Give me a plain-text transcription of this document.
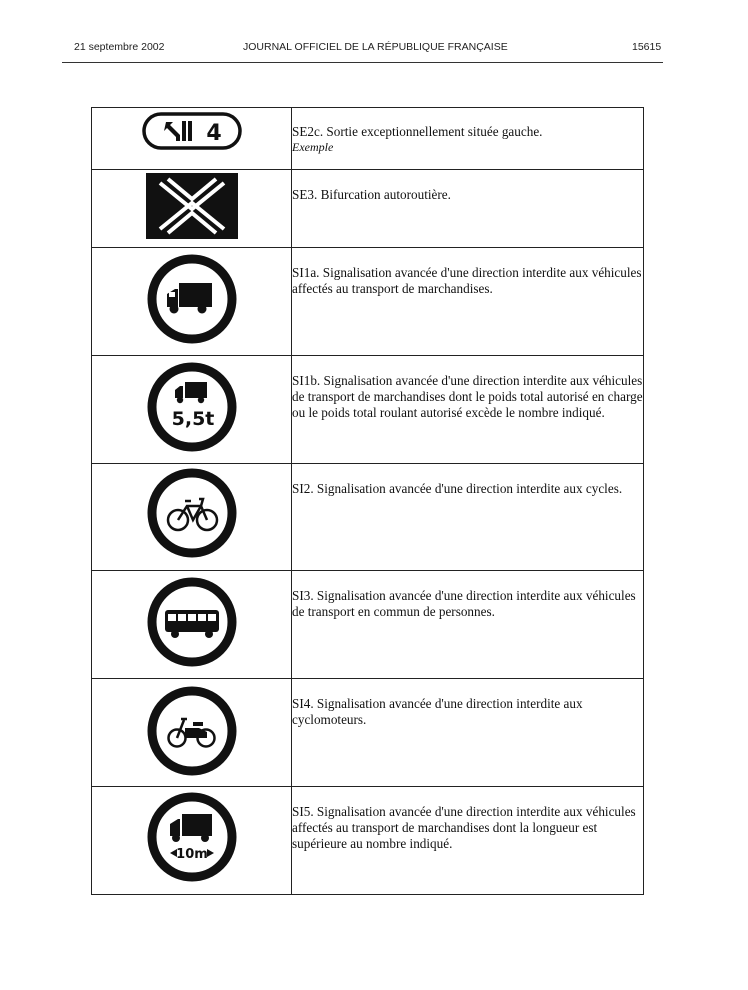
21 septembre 2002	JOURNAL OFFICIEL DE LA RÉPUBLIQUE FRANÇAISE	15615
4	SE2c. Sortie exceptionnellement située gauche.
Exemple

SE3. Bifurcation autoroutière.

SI1a. Signalisation avancée d'une direction interdite aux véhicules affectés au transport de marchandises.

5,5t	SI1b. Signalisation avancée d'une direction interdite aux véhicules de transport de marchandises dont le poids total autorisé en charge ou le poids total roulant autorisé excède le nombre indiqué.

SI2. Signalisation avancée d'une direction interdite aux cycles.

SI3. Signalisation avancée d'une direction interdite aux véhicules de transport en commun de personnes.

SI4. Signalisation avancée d'une direction interdite aux cyclomoteurs.

10m	SI5. Signalisation avancée d'une direction interdite aux véhicules affectés au transport de marchandises dont la longueur est supérieure au nombre indiqué.
